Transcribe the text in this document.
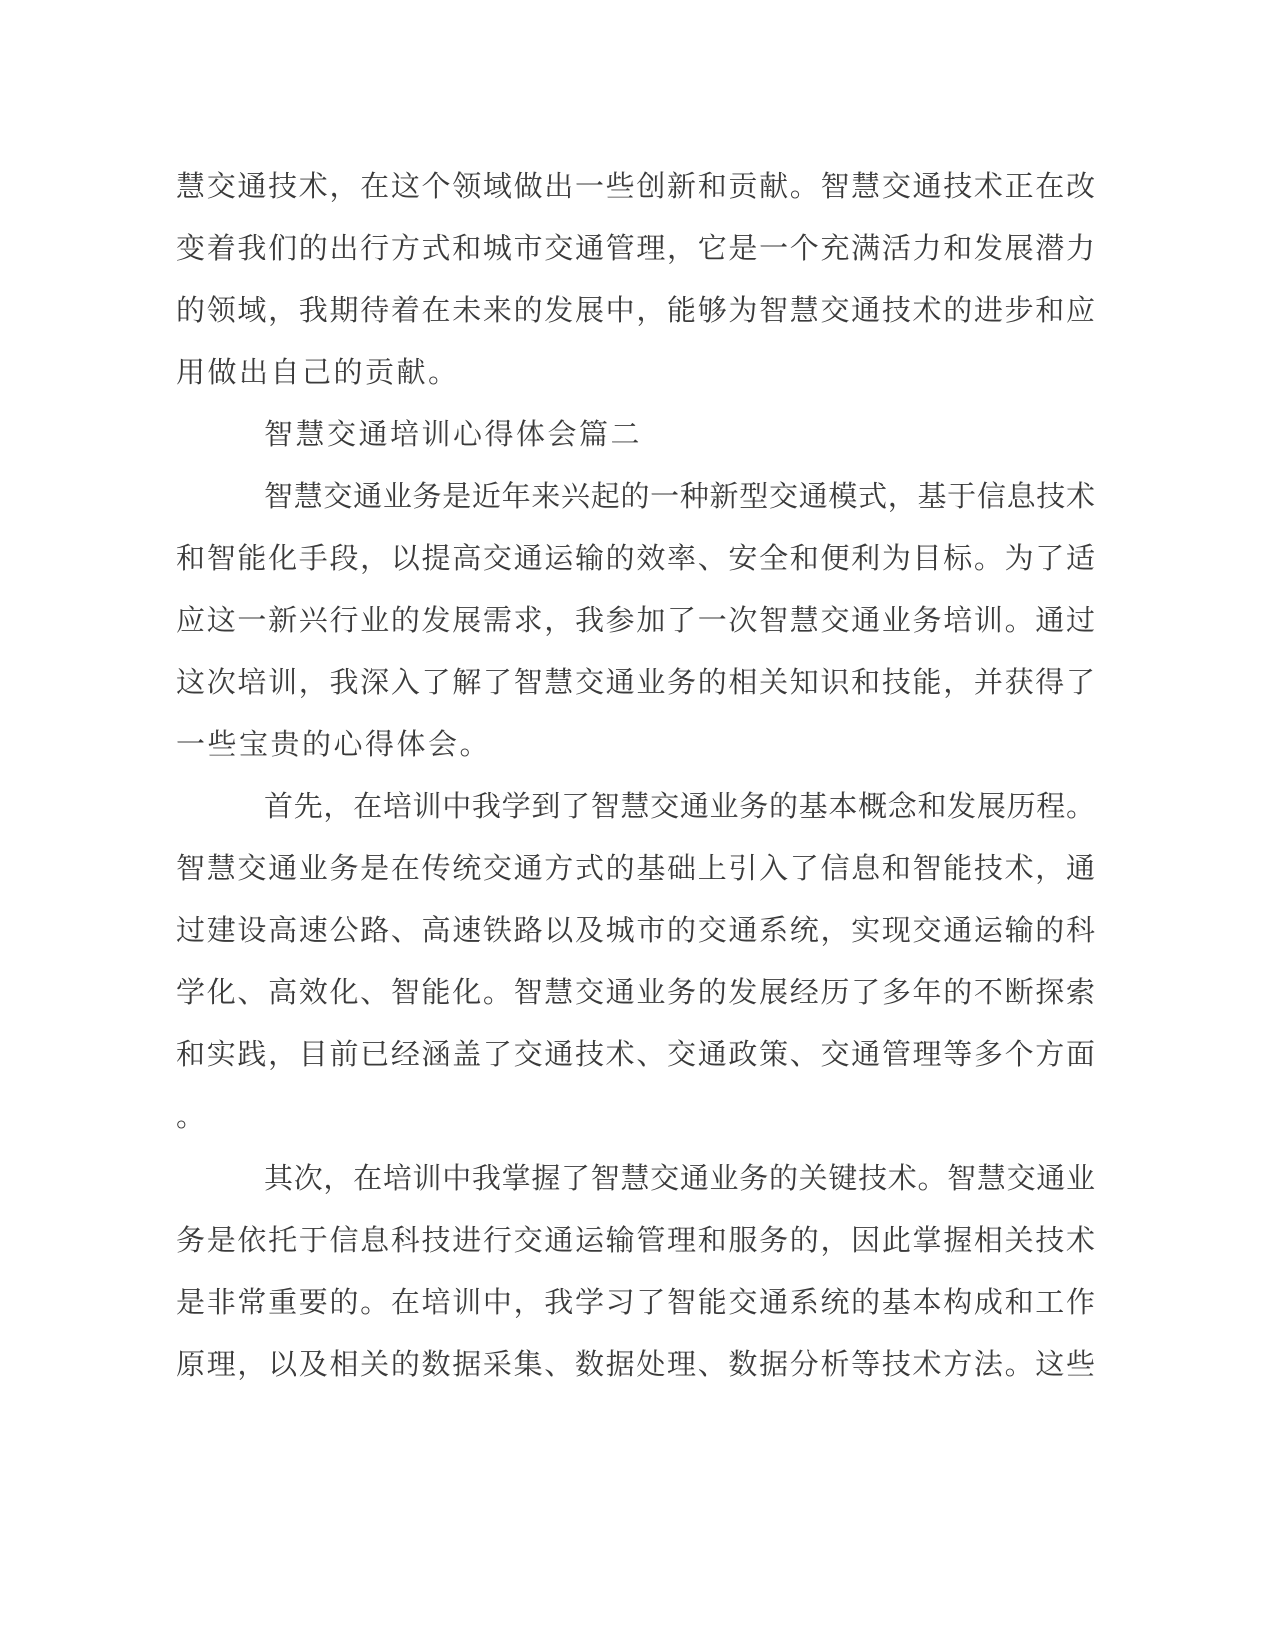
慧交通技术，在这个领域做出一些创新和贡献。智慧交通技术正在改
变着我们的出行方式和城市交通管理，它是一个充满活力和发展潜力
的领域，我期待着在未来的发展中，能够为智慧交通技术的进步和应
用做出自己的贡献。
智慧交通培训心得体会篇二
智慧交通业务是近年来兴起的一种新型交通模式，基于信息技术
和智能化手段，以提高交通运输的效率、安全和便利为目标。为了适
应这一新兴行业的发展需求，我参加了一次智慧交通业务培训。通过
这次培训，我深入了解了智慧交通业务的相关知识和技能，并获得了
一些宝贵的心得体会。
首先，在培训中我学到了智慧交通业务的基本概念和发展历程。
智慧交通业务是在传统交通方式的基础上引入了信息和智能技术，通
过建设高速公路、高速铁路以及城市的交通系统，实现交通运输的科
学化、高效化、智能化。智慧交通业务的发展经历了多年的不断探索
和实践，目前已经涵盖了交通技术、交通政策、交通管理等多个方面
。
其次，在培训中我掌握了智慧交通业务的关键技术。智慧交通业
务是依托于信息科技进行交通运输管理和服务的，因此掌握相关技术
是非常重要的。在培训中，我学习了智能交通系统的基本构成和工作
原理，以及相关的数据采集、数据处理、数据分析等技术方法。这些
